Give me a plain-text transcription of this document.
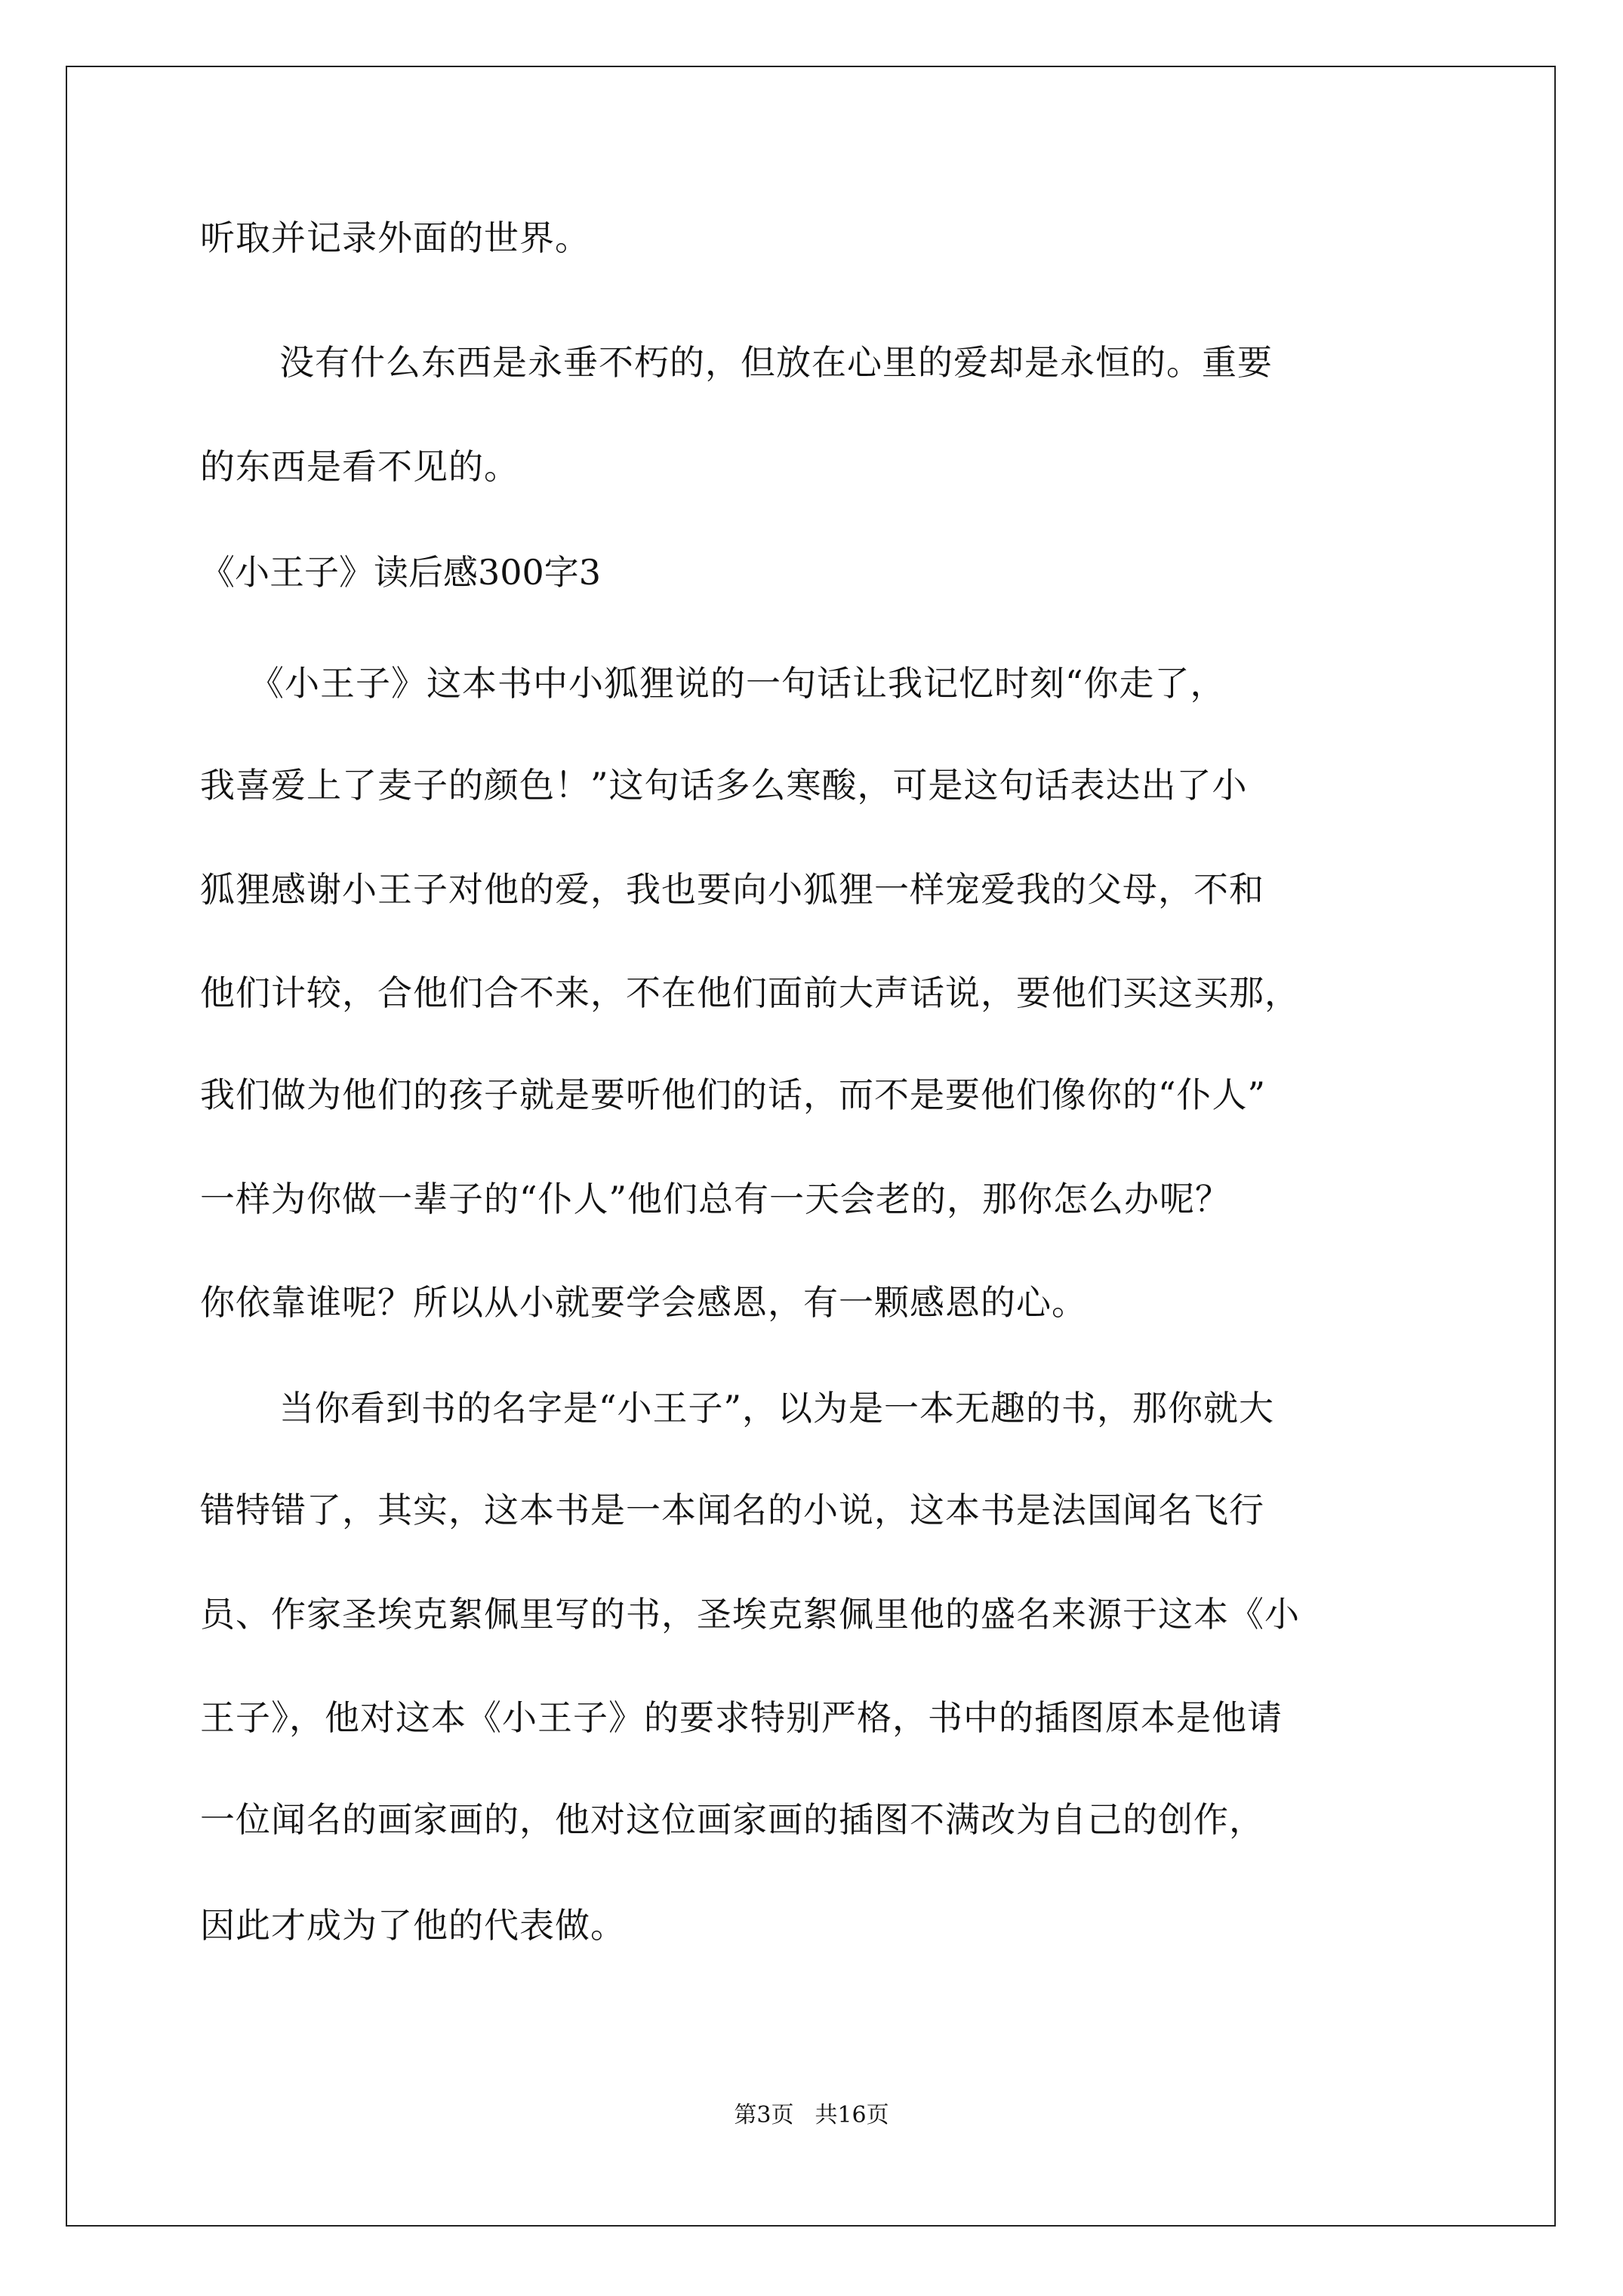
听取并记录外面的世界。
没有什么东西是永垂不朽的，但放在心里的爱却是永恒的。重要
的东西是看不见的。
《小王子》读后感300字3
《小王子》这本书中小狐狸说的一句话让我记忆时刻“你走了，
我喜爱上了麦子的颜色！”这句话多么寒酸，可是这句话表达出了小
狐狸感谢小王子对他的爱，我也要向小狐狸一样宠爱我的父母，不和
他们计较，合他们合不来，不在他们面前大声话说，要他们买这买那，
我们做为他们的孩子就是要听他们的话，而不是要他们像你的“仆人”
一样为你做一辈子的“仆人”他们总有一天会老的，那你怎么办呢？
你依靠谁呢？所以从小就要学会感恩，有一颗感恩的心。
当你看到书的名字是“小王子”，以为是一本无趣的书，那你就大
错特错了，其实，这本书是一本闻名的小说，这本书是法国闻名飞行
员、作家圣埃克絮佩里写的书，圣埃克絮佩里他的盛名来源于这本《小
王子》，他对这本《小王子》的要求特别严格，书中的插图原本是他请
一位闻名的画家画的，他对这位画家画的插图不满改为自己的创作，
因此才成为了他的代表做。
第3页 共16页
